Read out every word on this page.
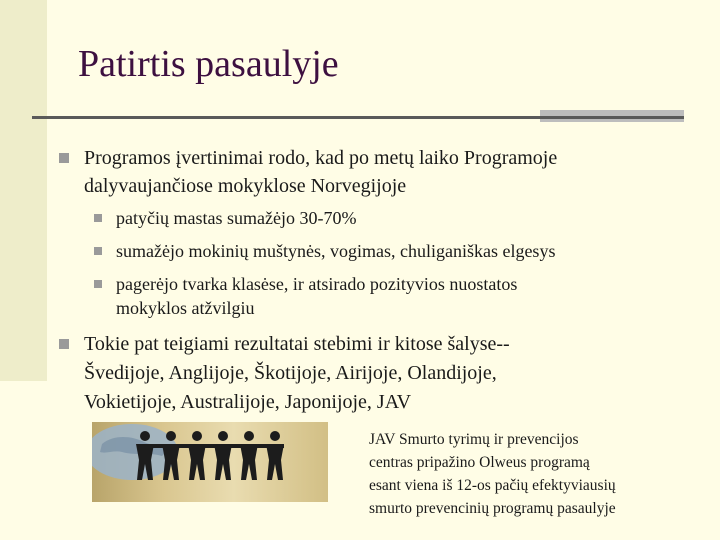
Patirtis pasaulyje
Programos įvertinimai rodo, kad po metų laiko Programoje
dalyvaujančiose mokyklose Norvegijoje
patyčių mastas sumažėjo 30-70%
sumažėjo mokinių muštynės, vogimas, chuliganiškas elgesys
pagerėjo tvarka klasėse, ir atsirado pozityvios nuostatos
mokyklos atžvilgiu
Tokie pat teigiami rezultatai stebimi ir kitose šalyse--
Švedijoje, Anglijoje, Škotijoje, Airijoje, Olandijoje,
Vokietijoje, Australijoje, Japonijoje, JAV
JAV Smurto tyrimų ir prevencijos
centras pripažino Olweus programą
esant viena iš 12-os pačių efektyviausių
smurto prevencinių programų pasaulyje
